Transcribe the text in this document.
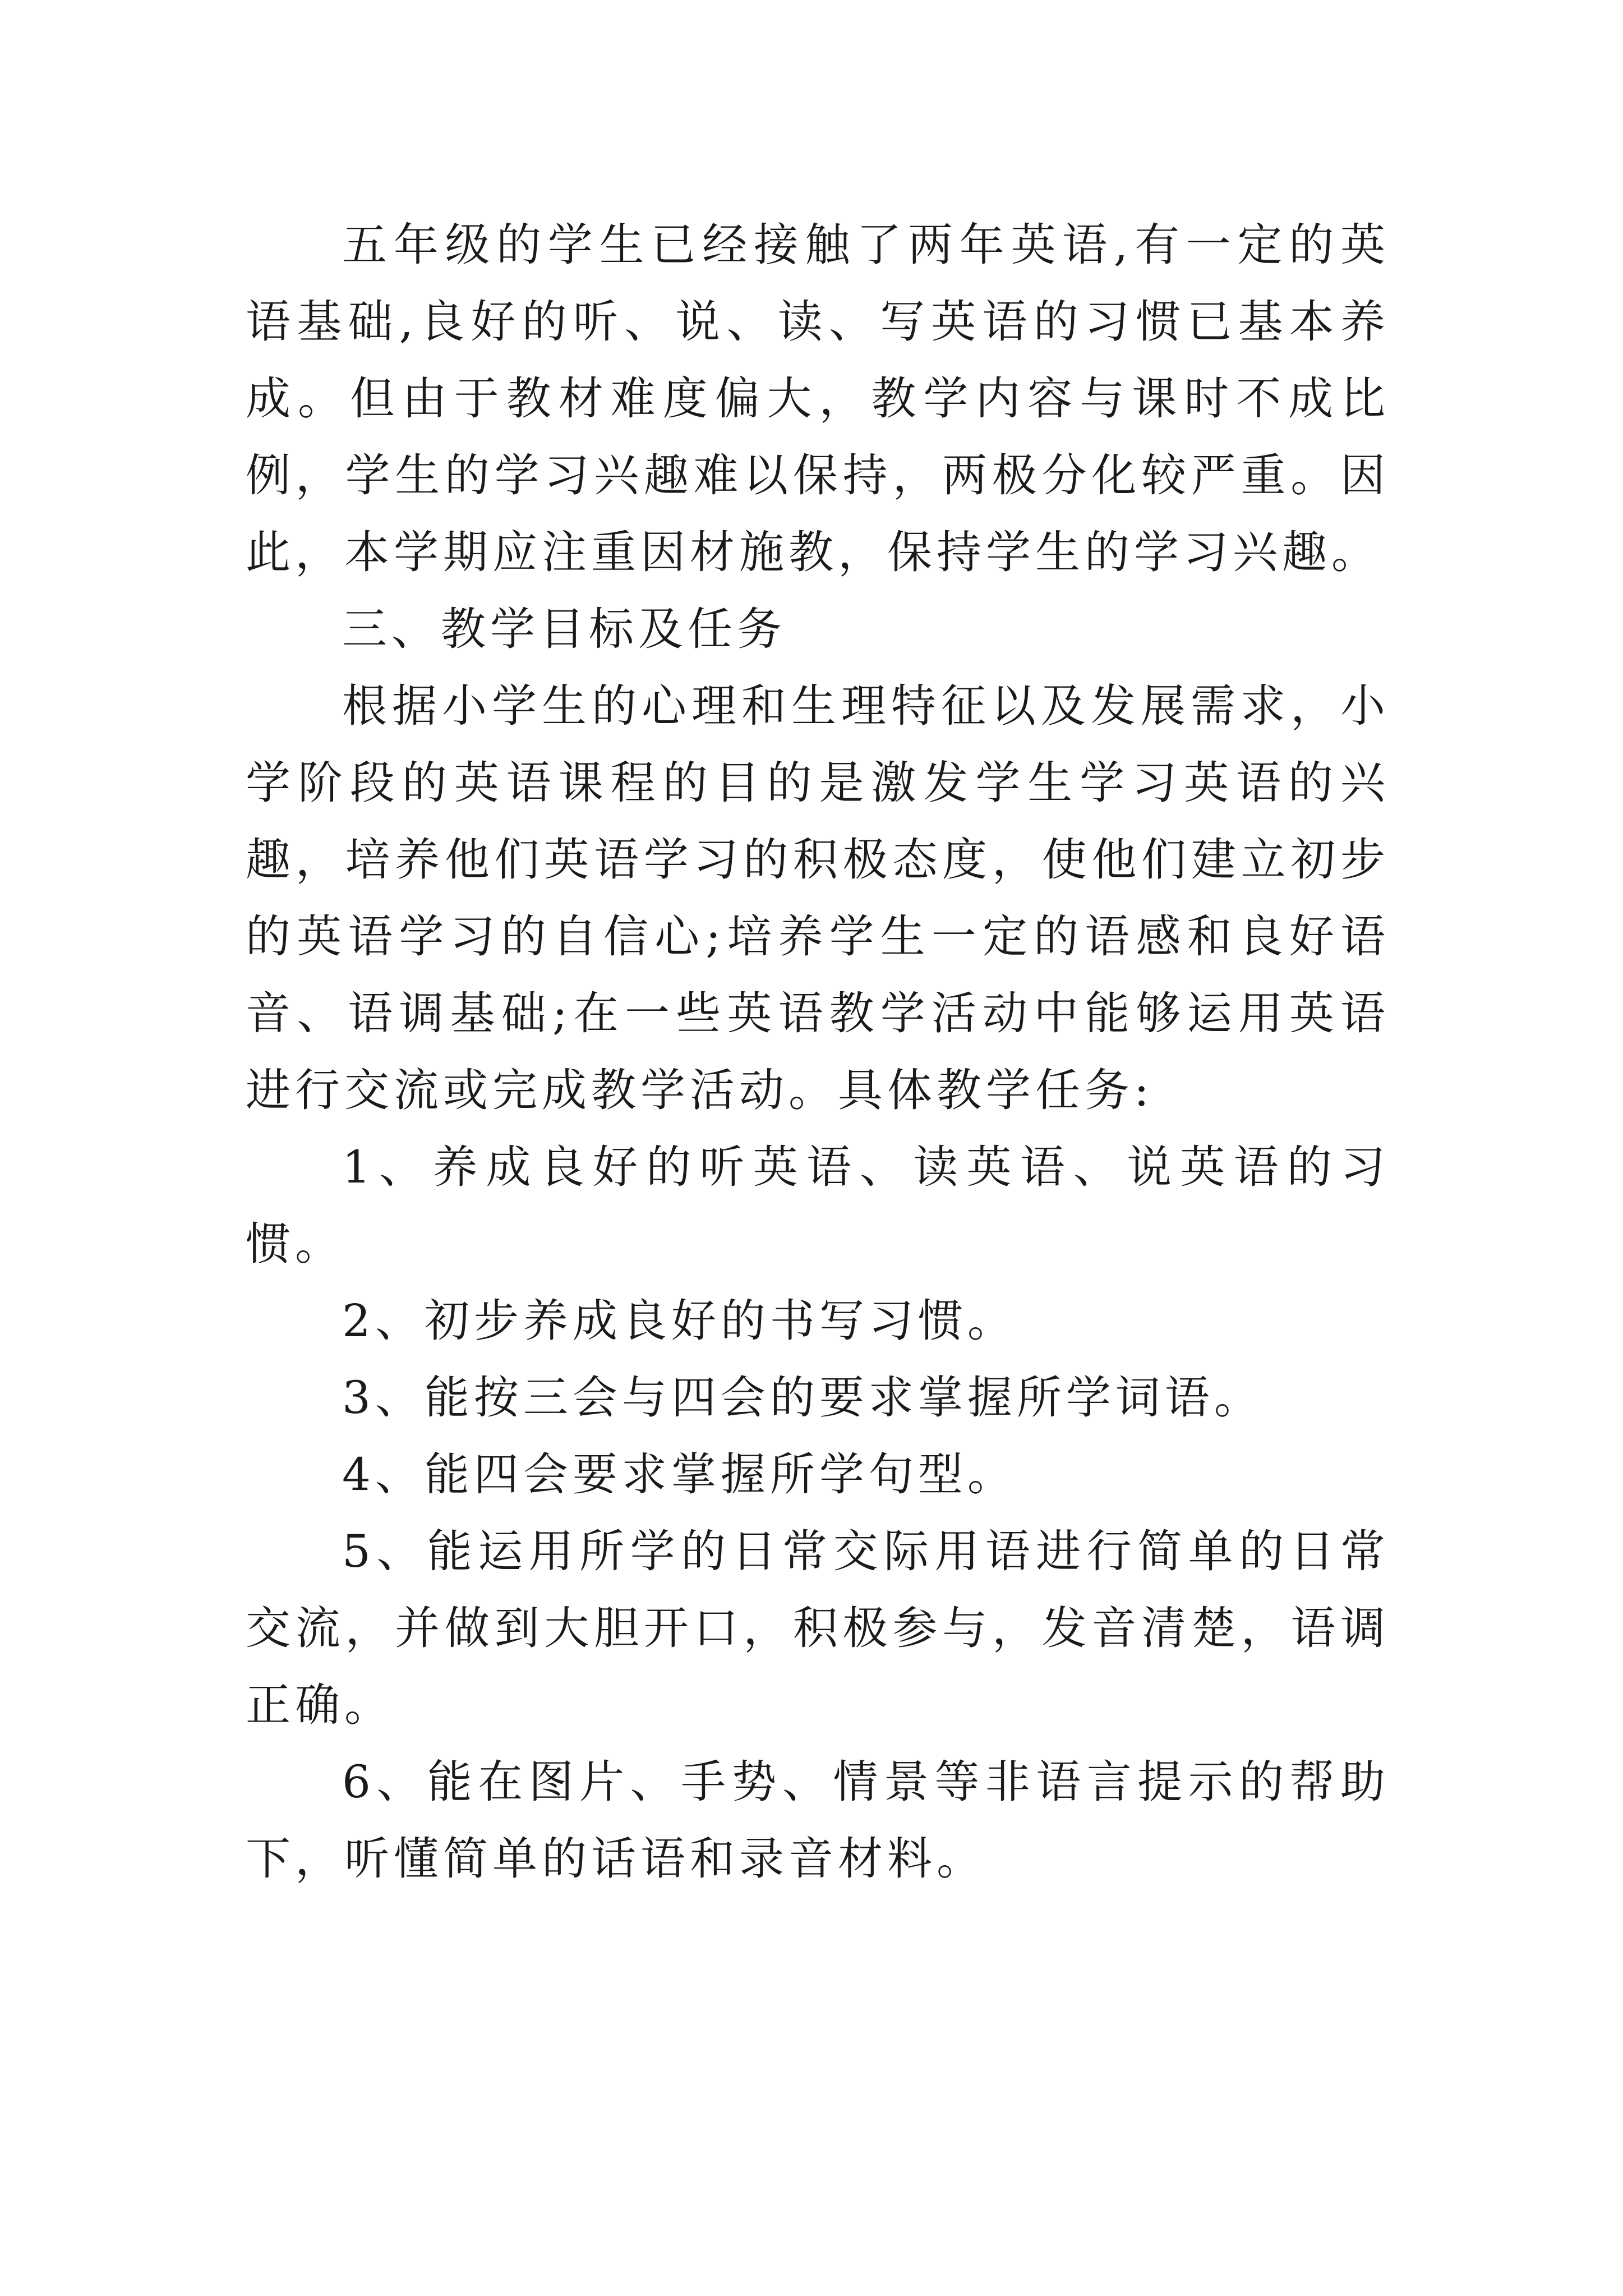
五年级的学生已经接触了两年英语,有一定的英语基础,良好的听、说、读、写英语的习惯已基本养成。但由于教材难度偏大，教学内容与课时不成比例，学生的学习兴趣难以保持，两极分化较严重。因此，本学期应注重因材施教，保持学生的学习兴趣。

三、教学目标及任务

根据小学生的心理和生理特征以及发展需求，小学阶段的英语课程的目的是激发学生学习英语的兴趣，培养他们英语学习的积极态度，使他们建立初步的英语学习的自信心;培养学生一定的语感和良好语音、语调基础;在一些英语教学活动中能够运用英语进行交流或完成教学活动。具体教学任务:

1、养成良好的听英语、读英语、说英语的习惯。

2、初步养成良好的书写习惯。

3、能按三会与四会的要求掌握所学词语。

4、能四会要求掌握所学句型。

5、能运用所学的日常交际用语进行简单的日常交流，并做到大胆开口，积极参与，发音清楚，语调正确。

6、能在图片、手势、情景等非语言提示的帮助下，听懂简单的话语和录音材料。
